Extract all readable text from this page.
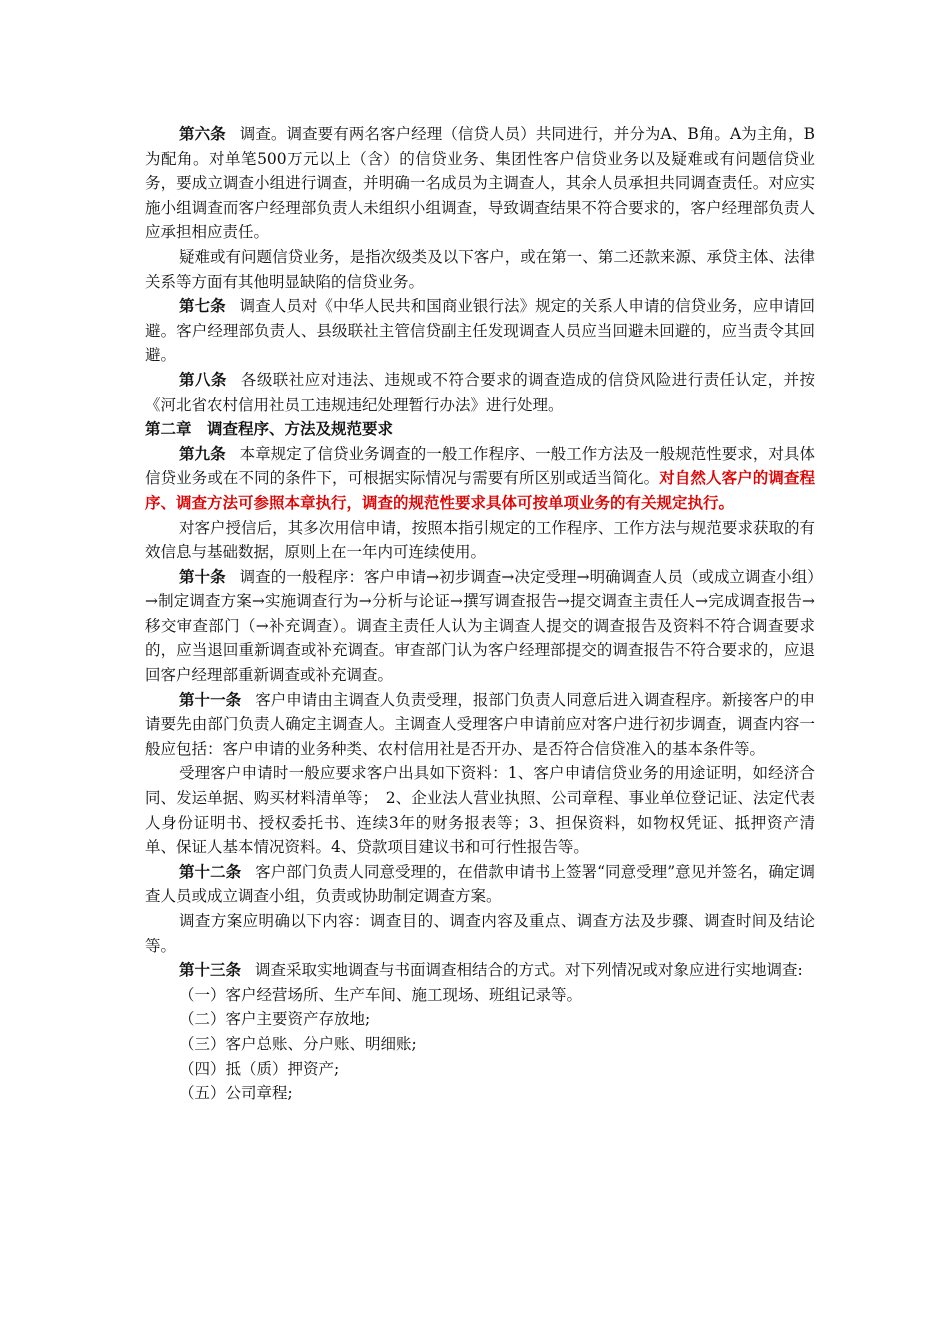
第六条 调查。调查要有两名客户经理（信贷人员）共同进行，并分为A、B角。A为主角，B为配角。对单笔500万元以上（含）的信贷业务、集团性客户信贷业务以及疑难或有问题信贷业务，要成立调查小组进行调查，并明确一名成员为主调查人，其余人员承担共同调查责任。对应实施小组调查而客户经理部负责人未组织小组调查，导致调查结果不符合要求的，客户经理部负责人应承担相应责任。

疑难或有问题信贷业务，是指次级类及以下客户，或在第一、第二还款来源、承贷主体、法律关系等方面有其他明显缺陷的信贷业务。

第七条 调查人员对《中华人民共和国商业银行法》规定的关系人申请的信贷业务，应申请回避。客户经理部负责人、县级联社主管信贷副主任发现调查人员应当回避未回避的，应当责令其回避。

第八条 各级联社应对违法、违规或不符合要求的调查造成的信贷风险进行责任认定，并按《河北省农村信用社员工违规违纪处理暂行办法》进行处理。

第二章　调查程序、方法及规范要求

第九条 本章规定了信贷业务调查的一般工作程序、一般工作方法及一般规范性要求，对具体信贷业务或在不同的条件下，可根据实际情况与需要有所区别或适当简化。对自然人客户的调查程序、调查方法可参照本章执行，调查的规范性要求具体可按单项业务的有关规定执行。

对客户授信后，其多次用信申请，按照本指引规定的工作程序、工作方法与规范要求获取的有效信息与基础数据，原则上在一年内可连续使用。

第十条 调查的一般程序：客户申请→初步调查→决定受理→明确调查人员（或成立调查小组）→制定调查方案→实施调查行为→分析与论证→撰写调查报告→提交调查主责任人→完成调查报告→移交审查部门（→补充调查）。调查主责任人认为主调查人提交的调查报告及资料不符合调查要求的，应当退回重新调查或补充调查。审查部门认为客户经理部提交的调查报告不符合要求的，应退回客户经理部重新调查或补充调查。

第十一条 客户申请由主调查人负责受理，报部门负责人同意后进入调查程序。新接客户的申请要先由部门负责人确定主调查人。主调查人受理客户申请前应对客户进行初步调查，调查内容一般应包括：客户申请的业务种类、农村信用社是否开办、是否符合信贷准入的基本条件等。

受理客户申请时一般应要求客户出具如下资料：1、客户申请信贷业务的用途证明，如经济合同、发运单据、购买材料清单等；　2、企业法人营业执照、公司章程、事业单位登记证、法定代表人身份证明书、授权委托书、连续3年的财务报表等；3、担保资料，如物权凭证、抵押资产清单、保证人基本情况资料。4、贷款项目建议书和可行性报告等。

第十二条 客户部门负责人同意受理的，在借款申请书上签署“同意受理”意见并签名，确定调查人员或成立调查小组，负责或协助制定调查方案。

调查方案应明确以下内容：调查目的、调查内容及重点、调查方法及步骤、调查时间及结论等。

第十三条 调查采取实地调查与书面调查相结合的方式。对下列情况或对象应进行实地调查:

（一）客户经营场所、生产车间、施工现场、班组记录等。

（二）客户主要资产存放地;

（三）客户总账、分户账、明细账;

（四）抵（质）押资产;

（五）公司章程;
